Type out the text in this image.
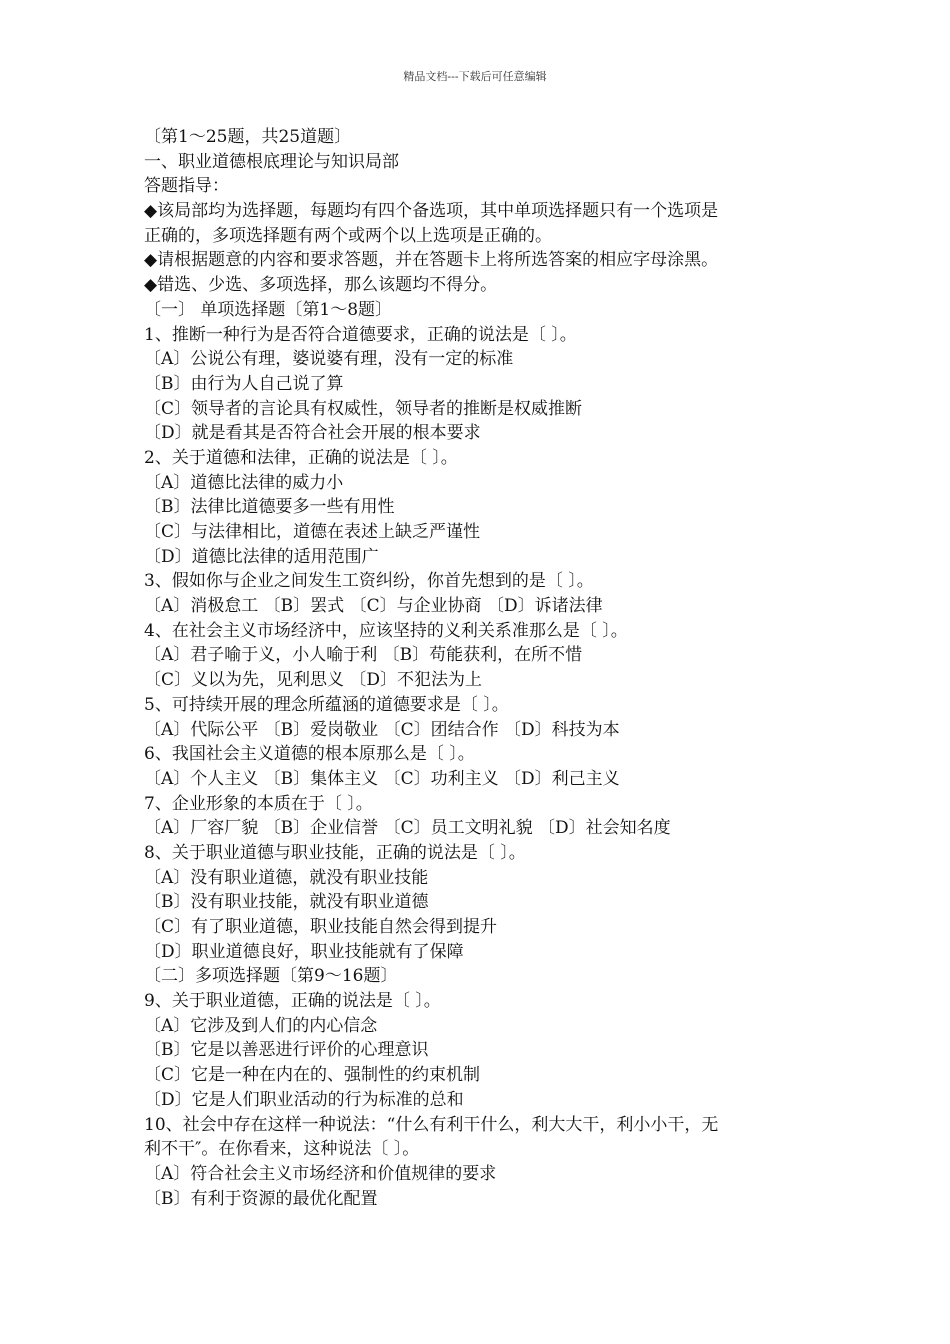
精品文档---下载后可任意编辑
〔第1～25题，共25道题〕
一、职业道德根底理论与知识局部
答题指导：
◆该局部均为选择题，每题均有四个备选项，其中单项选择题只有一个选项是
正确的，多项选择题有两个或两个以上选项是正确的。
◆请根据题意的内容和要求答题，并在答题卡上将所选答案的相应字母涂黑。
◆错选、少选、多项选择，那么该题均不得分。
〔一〕 单项选择题〔第1～8题〕
1、推断一种行为是否符合道德要求，正确的说法是〔 〕。
〔A〕公说公有理，婆说婆有理，没有一定的标准
〔B〕由行为人自己说了算
〔C〕领导者的言论具有权威性，领导者的推断是权威推断
〔D〕就是看其是否符合社会开展的根本要求
2、关于道德和法律，正确的说法是〔 〕。
〔A〕道德比法律的威力小
〔B〕法律比道德要多一些有用性
〔C〕与法律相比，道德在表述上缺乏严谨性
〔D〕道德比法律的适用范围广
3、假如你与企业之间发生工资纠纷，你首先想到的是〔 〕。
〔A〕消极怠工 〔B〕罢式 〔C〕与企业协商 〔D〕诉诸法律
4、在社会主义市场经济中，应该坚持的义利关系准那么是〔 〕。
〔A〕君子喻于义，小人喻于利 〔B〕苟能获利，在所不惜
〔C〕义以为先，见利思义 〔D〕不犯法为上
5、可持续开展的理念所蕴涵的道德要求是〔 〕。
〔A〕代际公平 〔B〕爱岗敬业 〔C〕团结合作 〔D〕科技为本
6、我国社会主义道德的根本原那么是〔 〕。
〔A〕个人主义 〔B〕集体主义 〔C〕功利主义 〔D〕利己主义
7、企业形象的本质在于〔 〕。
〔A〕厂容厂貌 〔B〕企业信誉 〔C〕员工文明礼貌 〔D〕社会知名度
8、关于职业道德与职业技能，正确的说法是〔 〕。
〔A〕没有职业道德，就没有职业技能
〔B〕没有职业技能，就没有职业道德
〔C〕有了职业道德，职业技能自然会得到提升
〔D〕职业道德良好，职业技能就有了保障
〔二〕多项选择题〔第9～16题〕
9、关于职业道德，正确的说法是〔 〕。
〔A〕它涉及到人们的内心信念
〔B〕它是以善恶进行评价的心理意识
〔C〕它是一种在内在的、强制性的约束机制
〔D〕它是人们职业活动的行为标准的总和
10、社会中存在这样一种说法：“什么有利干什么，利大大干，利小小干，无
利不干″。在你看来，这种说法〔 〕。
〔A〕符合社会主义市场经济和价值规律的要求
〔B〕有利于资源的最优化配置
